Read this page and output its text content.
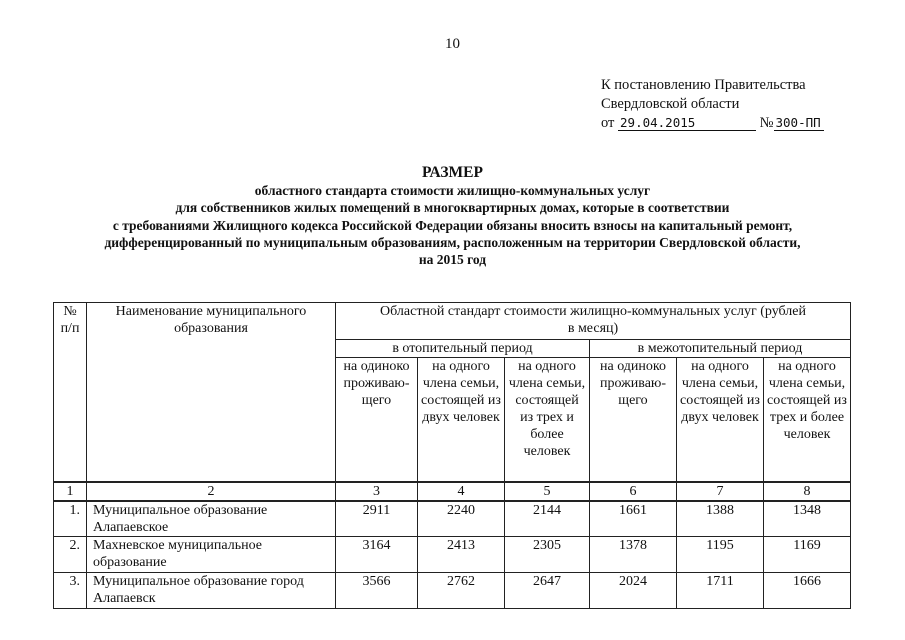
10
К постановлению Правительства
Свердловской области
от 29.04.2015	№ 300-ПП
РАЗМЕР
областного стандарта стоимости жилищно-коммунальных услуг
для собственников жилых помещений в многоквартирных домах, которые в соответствии
с требованиями Жилищного кодекса Российской Федерации обязаны вносить взносы на капитальный ремонт,
дифференцированный по муниципальным образованиям, расположенным на территории Свердловской области,
на 2015 год
№ п/п	Наименование муниципального образования	Областной стандарт стоимости жилищно-коммунальных услуг (рублей в месяц)					
		в отопительный период			в межотопительный период		
		на одиноко проживаю-щего	на одного члена семьи, состоящей из двух человек	на одного члена семьи, состоящей из трех и более человек	на одиноко проживаю-щего	на одного члена семьи, состоящей из двух человек	на одного члена семьи, состоящей из трех и более человек
1	2	3	4	5	6	7	8
1.	Муниципальное образование Алапаевское	2911	2240	2144	1661	1388	1348
2.	Махневское муниципальное образование	3164	2413	2305	1378	1195	1169
3.	Муниципальное образование город Алапаевск	3566	2762	2647	2024	1711	1666
